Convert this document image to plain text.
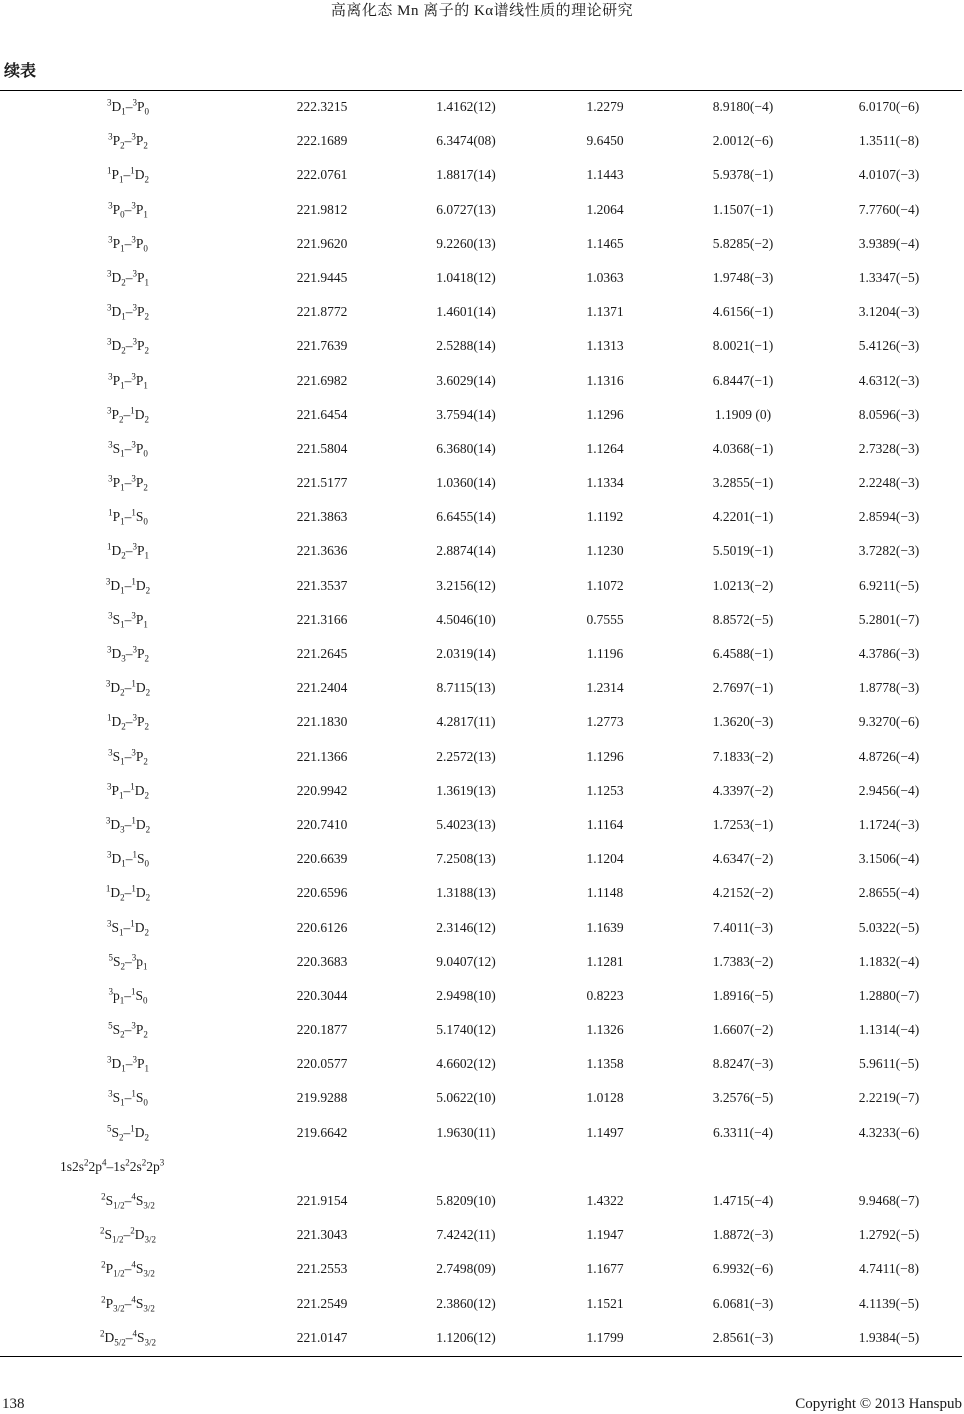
高离化态 Mn 离子的 Kα谱线性质的理论研究
续表
$^3D_1-^3P_0$	222.3215	1.4162(12)	1.2279	8.9180(−4)	6.0170(−6)
$^3P_2-^3P_2$	222.1689	6.3474(08)	9.6450	2.0012(−6)	1.3511(−8)
$^1P_1-^1D_2$	222.0761	1.8817(14)	1.1443	5.9378(−1)	4.0107(−3)
$^3P_0-^3P_1$	221.9812	6.0727(13)	1.2064	1.1507(−1)	7.7760(−4)
$^3P_1-^3P_0$	221.9620	9.2260(13)	1.1465	5.8285(−2)	3.9389(−4)
$^3D_2-^3P_1$	221.9445	1.0418(12)	1.0363	1.9748(−3)	1.3347(−5)
$^3D_1-^3P_2$	221.8772	1.4601(14)	1.1371	4.6156(−1)	3.1204(−3)
$^3D_2-^3P_2$	221.7639	2.5288(14)	1.1313	8.0021(−1)	5.4126(−3)
$^3P_1-^3P_1$	221.6982	3.6029(14)	1.1316	6.8447(−1)	4.6312(−3)
$^3P_2-^1D_2$	221.6454	3.7594(14)	1.1296	1.1909 (0)	8.0596(−3)
$^3S_1-^3P_0$	221.5804	6.3680(14)	1.1264	4.0368(−1)	2.7328(−3)
$^3P_1-^3P_2$	221.5177	1.0360(14)	1.1334	3.2855(−1)	2.2248(−3)
$^1P_1-^1S_0$	221.3863	6.6455(14)	1.1192	4.2201(−1)	2.8594(−3)
$^1D_2-^3P_1$	221.3636	2.8874(14)	1.1230	5.5019(−1)	3.7282(−3)
$^3D_1-^1D_2$	221.3537	3.2156(12)	1.1072	1.0213(−2)	6.9211(−5)
$^3S_1-^3P_1$	221.3166	4.5046(10)	0.7555	8.8572(−5)	5.2801(−7)
$^3D_3-^3P_2$	221.2645	2.0319(14)	1.1196	6.4588(−1)	4.3786(−3)
$^3D_2-^1D_2$	221.2404	8.7115(13)	1.2314	2.7697(−1)	1.8778(−3)
$^1D_2-^3P_2$	221.1830	4.2817(11)	1.2773	1.3620(−3)	9.3270(−6)
$^3S_1-^3P_2$	221.1366	2.2572(13)	1.1296	7.1833(−2)	4.8726(−4)
$^3P_1-^1D_2$	220.9942	1.3619(13)	1.1253	4.3397(−2)	2.9456(−4)
$^3D_3-^1D_2$	220.7410	5.4023(13)	1.1164	1.7253(−1)	1.1724(−3)
$^3D_1-^1S_0$	220.6639	7.2508(13)	1.1204	4.6347(−2)	3.1506(−4)
$^1D_2-^1D_2$	220.6596	1.3188(13)	1.1148	4.2152(−2)	2.8655(−4)
$^3S_1-^1D_2$	220.6126	2.3146(12)	1.1639	7.4011(−3)	5.0322(−5)
$^5S_2-^3p_1$	220.3683	9.0407(12)	1.1281	1.7383(−2)	1.1832(−4)
$^3p_1-^1S_0$	220.3044	2.9498(10)	0.8223	1.8916(−5)	1.2880(−7)
$^5S_2-^3P_2$	220.1877	5.1740(12)	1.1326	1.6607(−2)	1.1314(−4)
$^3D_1-^3P_1$	220.0577	4.6602(12)	1.1358	8.8247(−3)	5.9611(−5)
$^3S_1-^1S_0$	219.9288	5.0622(10)	1.0128	3.2576(−5)	2.2219(−7)
$^5S_2-^1D_2$	219.6642	1.9630(11)	1.1497	6.3311(−4)	4.3233(−6)
$1s2s^22p^4-1s^22s^22p^3$
$^2S_{1/2}-^4S_{3/2}$	221.9154	5.8209(10)	1.4322	1.4715(−4)	9.9468(−7)
$^2S_{1/2}-^2D_{3/2}$	221.3043	7.4242(11)	1.1947	1.8872(−3)	1.2792(−5)
$^2P_{1/2}-^4S_{3/2}$	221.2553	2.7498(09)	1.1677	6.9932(−6)	4.7411(−8)
$^2P_{3/2}-^4S_{3/2}$	221.2549	2.3860(12)	1.1521	6.0681(−3)	4.1139(−5)
$^2D_{5/2}-^4S_{3/2}$	221.0147	1.1206(12)	1.1799	2.8561(−3)	1.9384(−5)
138	Copyright © 2013 Hanspub
